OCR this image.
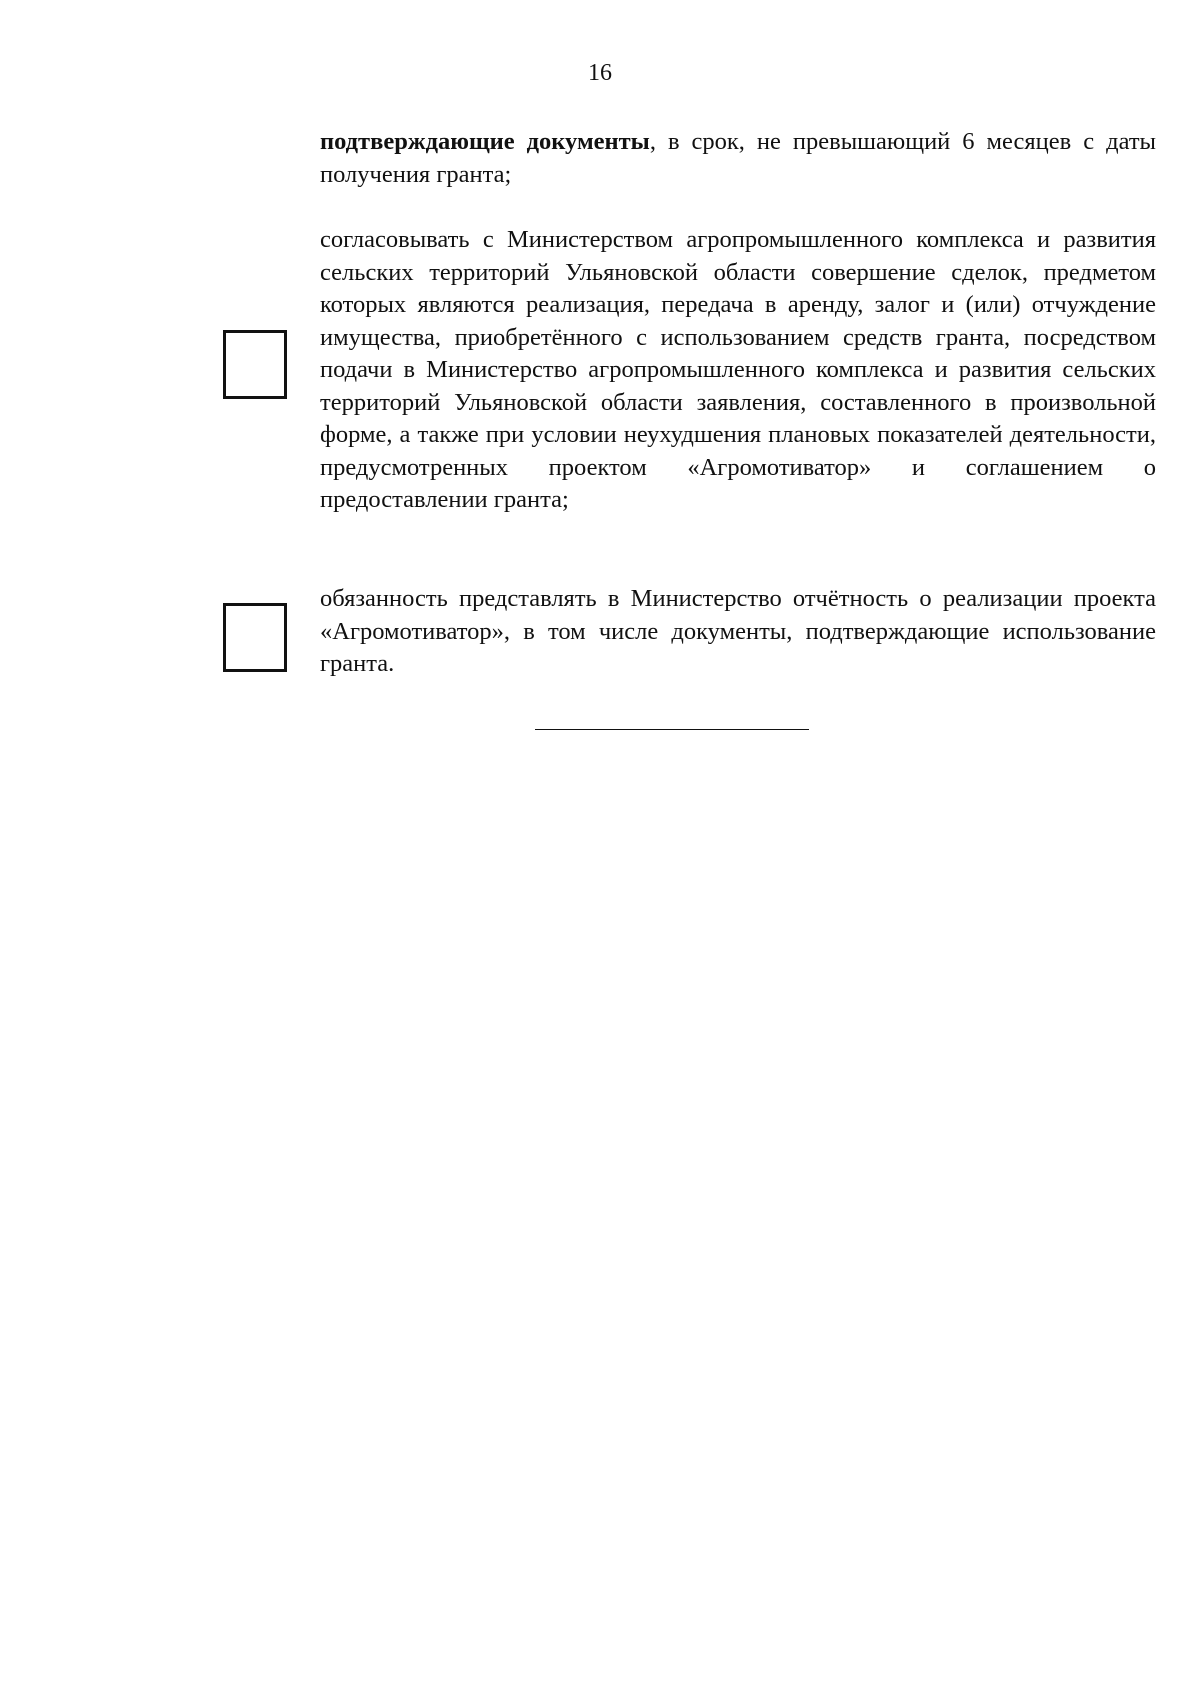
16
подтверждающие документы, в срок, не превышающий 6 месяцев с даты получения гранта;
согласовывать с Министерством агропромышленного комплекса и развития сельских территорий Ульяновской области совершение сделок, предметом которых являются реализация, передача в аренду, залог и (или) отчуждение имущества, приобретённого с использованием средств гранта, посредством подачи в Министерство агропромышленного комплекса и развития сельских территорий Ульяновской области заявления, составленного в произвольной форме, а также при условии неухудшения плановых показателей деятельности, предусмотренных проектом «Агромотиватор» и соглашением о предоставлении гранта;
обязанность представлять в Министерство отчётность о реализации проекта «Агромотиватор», в том числе документы, подтверждающие использование гранта.
